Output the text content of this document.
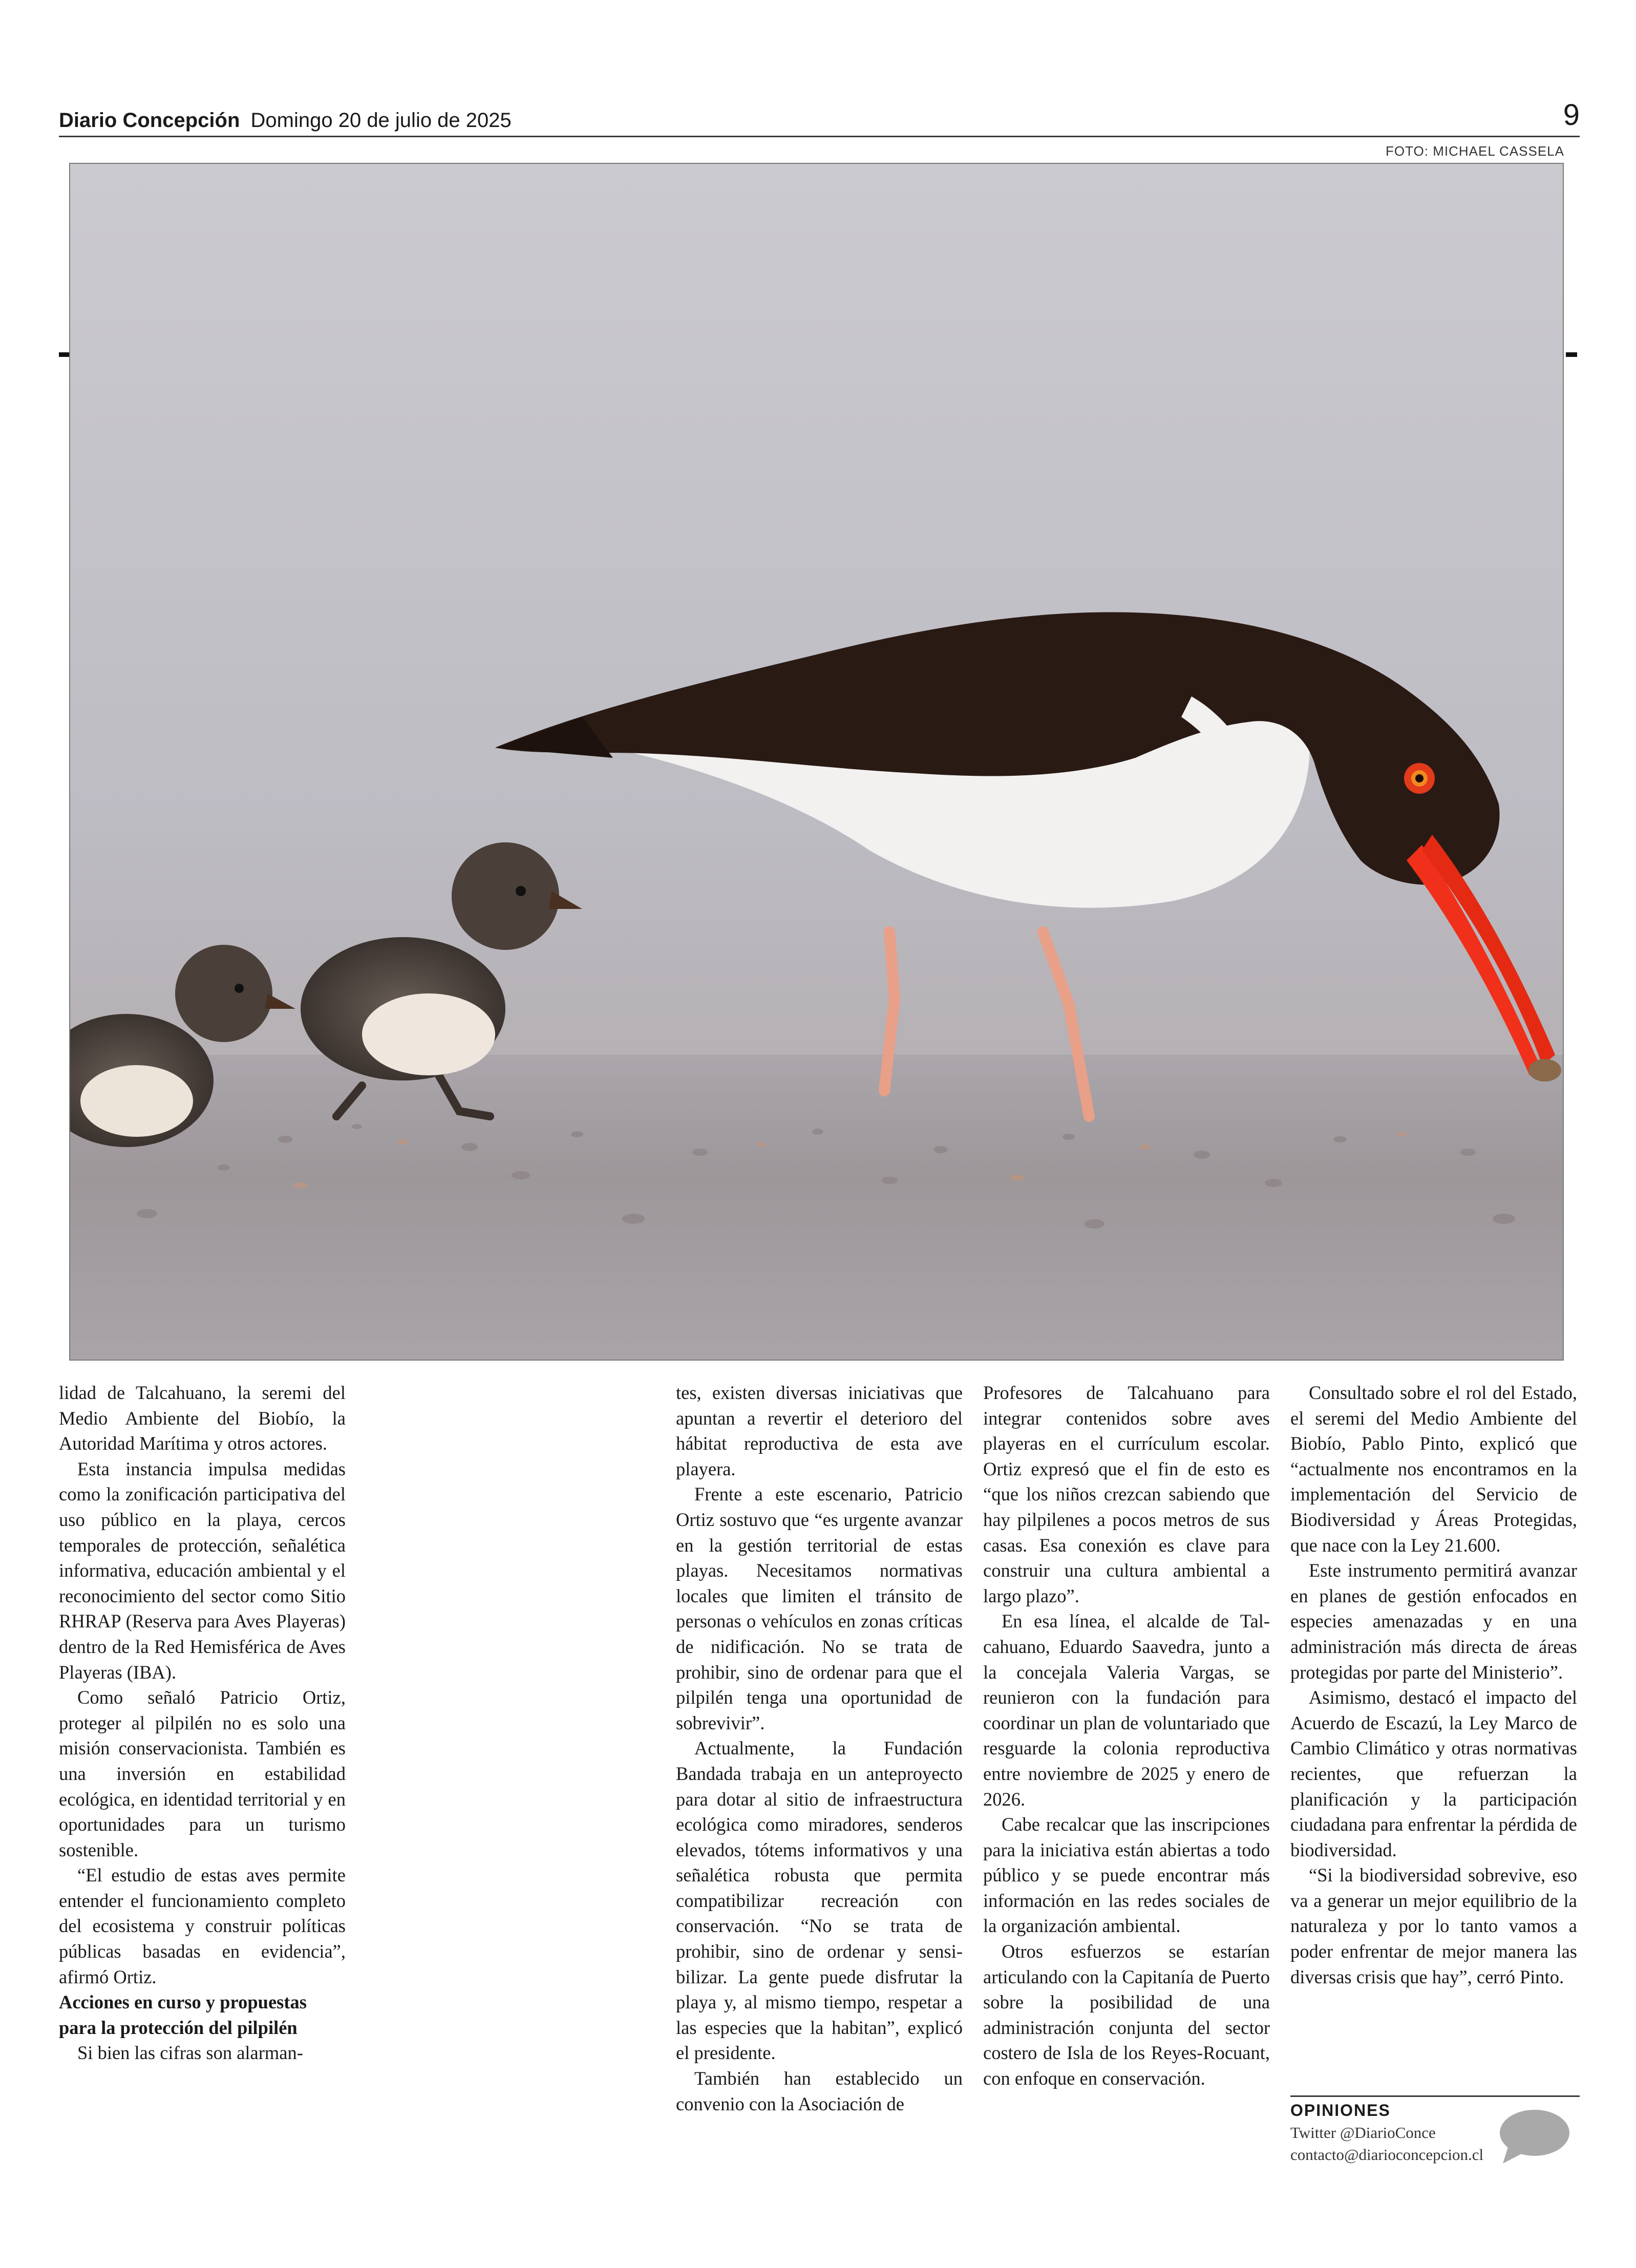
Diario Concepción Domingo 20 de julio de 2025	9
FOTO: MICHAEL CASSELA

lidad de Talcahuano, la seremi del Medio Ambiente del Biobío, la Autoridad Marítima y otros actores.

Esta instancia impulsa medidas como la zonificación participativa del uso público en la playa, cercos temporales de protección, señalética informativa, educación ambiental y el reconocimiento del sector como Sitio RHRAP (Reserva para Aves Playeras) dentro de la Red Hemisférica de Aves Playeras (IBA).

Como señaló Patricio Ortiz, proteger al pilpilén no es solo una misión conservacionista. También es una inversión en estabilidad ecológica, en identidad territorial y en oportunidades para un turismo sostenible.

“El estudio de estas aves permite entender el funcionamiento completo del ecosistema y construir políticas públicas basadas en evidencia”, afirmó Ortiz.

Acciones en curso y propuestas para la protección del pilpilén

Si bien las cifras son alarman-

tes, existen diversas iniciativas que apuntan a revertir el deterioro del hábitat reproductiva de esta ave playera.

Frente a este escenario, Patricio Ortiz sostuvo que “es urgente avanzar en la gestión territorial de estas playas. Necesitamos normativas locales que limiten el tránsito de personas o vehículos en zonas críticas de nidificación. No se trata de prohibir, sino de ordenar para que el pilpilén tenga una oportunidad de sobrevivir”.

Actualmente, la Fundación Bandada trabaja en un anteproyecto para dotar al sitio de infraestructura ecológica como miradores, senderos elevados, tótems informativos y una señalética robusta que permita compatibilizar recreación con conservación. “No se trata de prohibir, sino de ordenar y sensibilizar. La gente puede disfrutar la playa y, al mismo tiempo, respetar a las especies que la habitan”, explicó el presidente.

También han establecido un convenio con la Asociación de

Profesores de Talcahuano para integrar contenidos sobre aves playeras en el currículum escolar. Ortiz expresó que el fin de esto es “que los niños crezcan sabiendo que hay pilpilenes a pocos metros de sus casas. Esa conexión es clave para construir una cultura ambiental a largo plazo”.

En esa línea, el alcalde de Talcahuano, Eduardo Saavedra, junto a la concejala Valeria Vargas, se reunieron con la fundación para coordinar un plan de voluntariado que resguarde la colonia reproductiva entre noviembre de 2025 y enero de 2026.

Cabe recalcar que las inscripciones para la iniciativa están abiertas a todo público y se puede encontrar más información en las redes sociales de la organización ambiental.

Otros esfuerzos se estarían articulando con la Capitanía de Puerto sobre la posibilidad de una administración conjunta del sector costero de Isla de los Reyes-Rocuant, con enfoque en conservación.

Consultado sobre el rol del Estado, el seremi del Medio Ambiente del Biobío, Pablo Pinto, explicó que “actualmente nos encontramos en la implementación del Servicio de Biodiversidad y Áreas Protegidas, que nace con la Ley 21.600.

Este instrumento permitirá avanzar en planes de gestión enfocados en especies amenazadas y en una administración más directa de áreas protegidas por parte del Ministerio”.

Asimismo, destacó el impacto del Acuerdo de Escazú, la Ley Marco de Cambio Climático y otras normativas recientes, que refuerzan la planificación y la participación ciudadana para enfrentar la pérdida de biodiversidad.

“Si la biodiversidad sobrevive, eso va a generar un mejor equilibrio de la naturaleza y por lo tanto vamos a poder enfrentar de mejor manera las diversas crisis que hay”, cerró Pinto.

OPINIONES
Twitter @DiarioConce
contacto@diarioconcepcion.cl
